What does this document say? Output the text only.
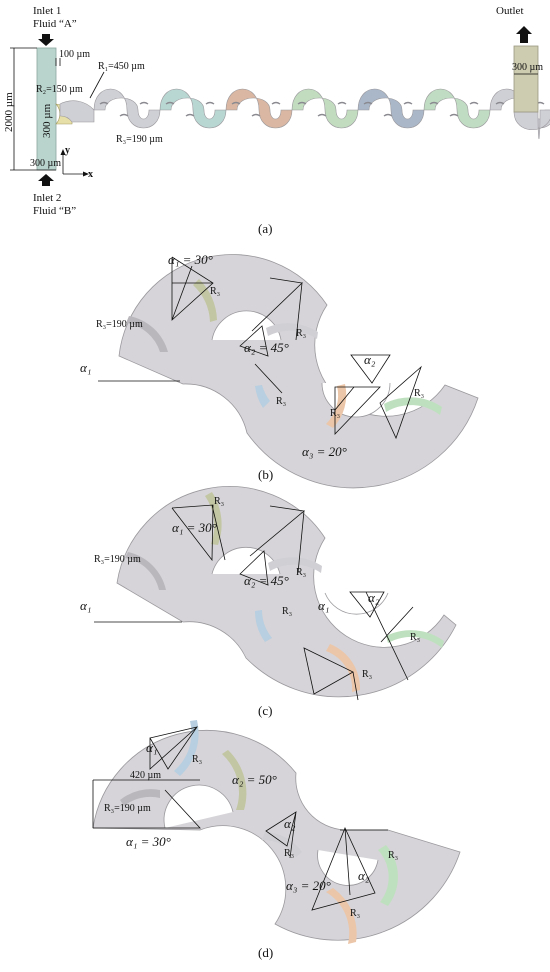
Inlet 1
Fluid “A”
Inlet 2
Fluid “B”
2000 µm 300 µm
100 µm
R₂=150 µm
300 µm
y
x
R₁=450 µm
R₃=190 µm
Outlet
300 µm
(a)
α₁ = 30°
R₃=190 µm
α₁
α₂ = 45°
α₂
R₃
R₃
R₃
R₃
R₃
α₃ = 20°
(b)
α₁ = 30°
R₃=190 µm
α₁
α₂ = 45°
α₂
α₁
R₃
R₃
R₃
R₃
R₃
(c)
α₁
420 µm
R₃=190 µm
α₁ = 30°
α₂ = 50°
α₂
α₂
α₃ = 20°
R₃
R₃	R₃
R₃
(d)
